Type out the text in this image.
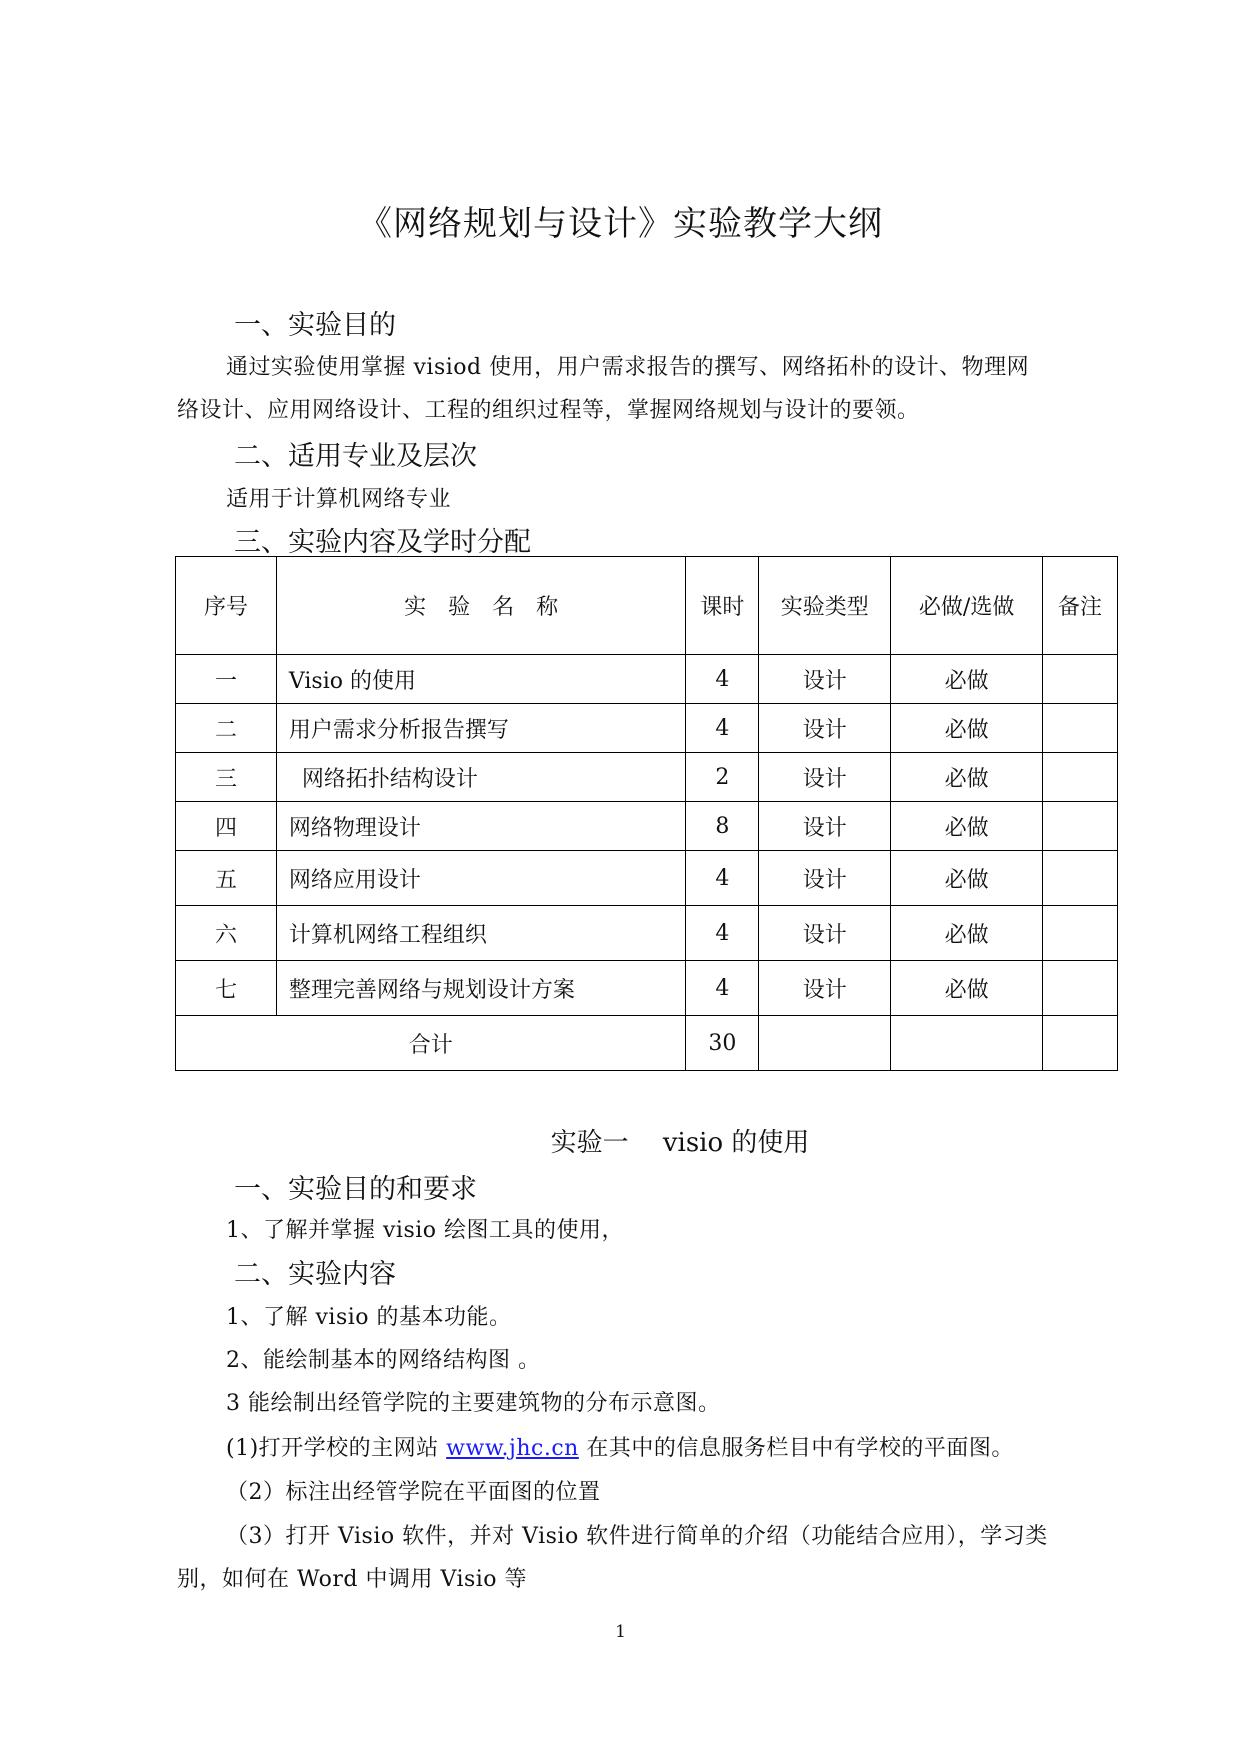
《网络规划与设计》实验教学大纲
一、实验目的
通过实验使用掌握 visiod 使用，用户需求报告的撰写、网络拓朴的设计、物理网
络设计、应用网络设计、工程的组织过程等，掌握网络规划与设计的要领。
二、适用专业及层次
适用于计算机网络专业
三、实验内容及学时分配
序号	实　验　名　称	课时	实验类型	必做/选做	备注
一	Visio 的使用	4	设计	必做	
二	用户需求分析报告撰写	4	设计	必做	
三	网络拓扑结构设计	2	设计	必做	
四	网络物理设计	8	设计	必做	
五	网络应用设计	4	设计	必做	
六	计算机网络工程组织	4	设计	必做	
七	整理完善网络与规划设计方案	4	设计	必做	
合计		30			
实验一　 visio 的使用
一、实验目的和要求
1、了解并掌握 visio 绘图工具的使用，
二、实验内容
1、了解 visio 的基本功能。
2、能绘制基本的网络结构图 。
3 能绘制出经管学院的主要建筑物的分布示意图。
(1)打开学校的主网站 www.jhc.cn 在其中的信息服务栏目中有学校的平面图。
（2）标注出经管学院在平面图的位置
（3）打开 Visio 软件，并对 Visio 软件进行简单的介绍（功能结合应用），学习类
别，如何在 Word 中调用 Visio 等
1
